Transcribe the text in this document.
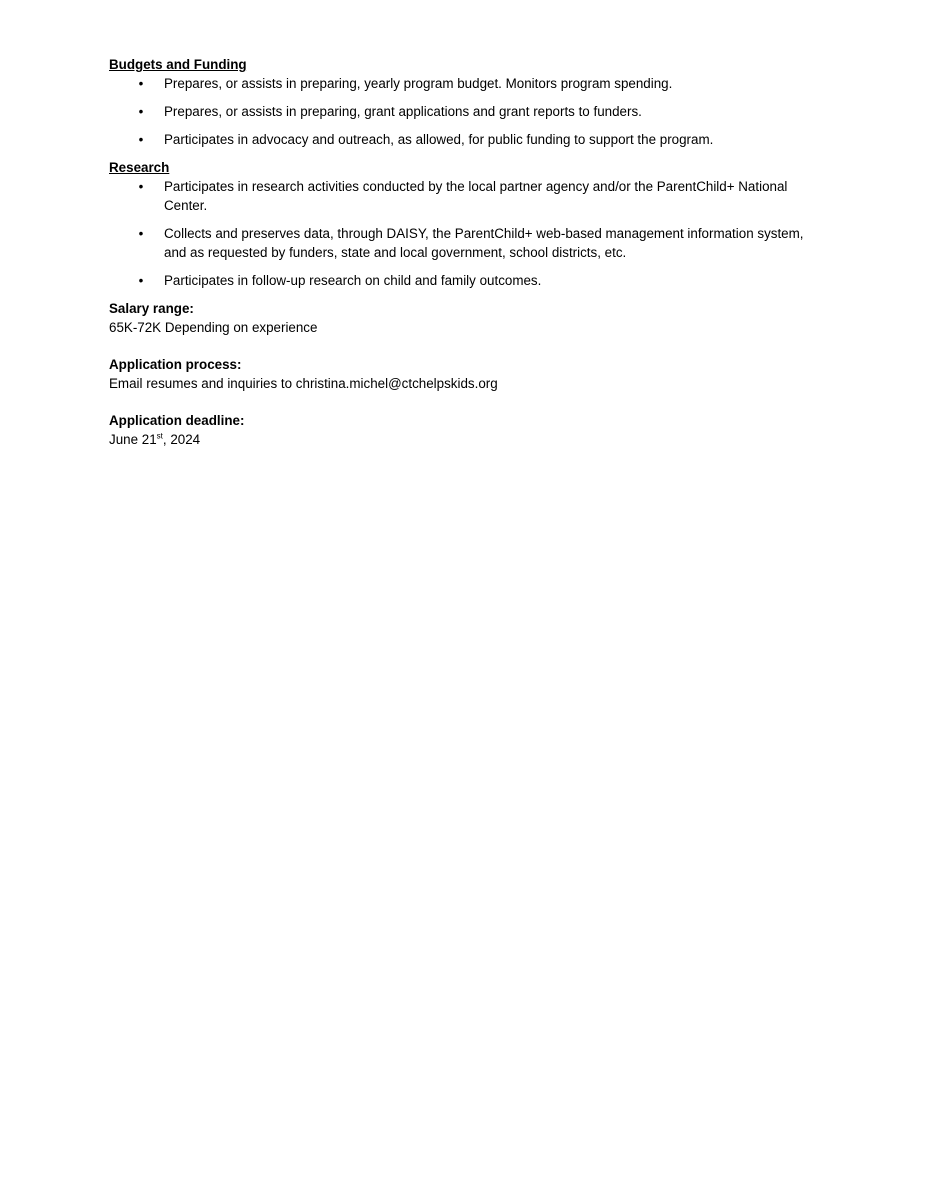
Budgets and Funding

• Prepares, or assists in preparing, yearly program budget. Monitors program spending.
• Prepares, or assists in preparing, grant applications and grant reports to funders.
• Participates in advocacy and outreach, as allowed, for public funding to support the program.

Research

• Participates in research activities conducted by the local partner agency and/or the ParentChild+ National Center.
• Collects and preserves data, through DAISY, the ParentChild+ web-based management information system, and as requested by funders, state and local government, school districts, etc.
• Participates in follow-up research on child and family outcomes.

Salary range:

65K-72K Depending on experience

Application process:

Email resumes and inquiries to christina.michel@ctchelpskids.org

Application deadline:

June 21st, 2024
